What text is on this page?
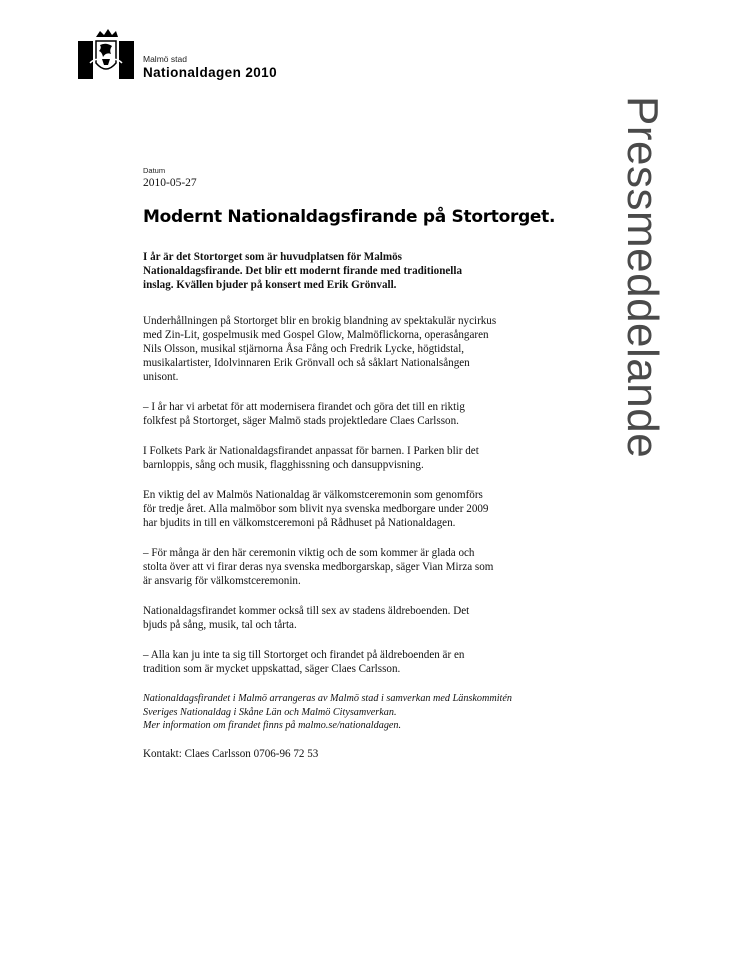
Malmö stad
Nationaldagen 2010
Pressmeddelande
Datum
2010-05-27
Modernt Nationaldagsfirande på Stortorget.

I år är det Stortorget som är huvudplatsen för Malmös
Nationaldagsfirande. Det blir ett modernt firande med traditionella
inslag. Kvällen bjuder på konsert med Erik Grönvall.

Underhållningen på Stortorget blir en brokig blandning av spektakulär nycirkus
med Zin-Lit, gospelmusik med Gospel Glow, Malmöflickorna, operasångaren
Nils Olsson, musikal stjärnorna Åsa Fång och Fredrik Lycke, högtidstal,
musikalartister, Idolvinnaren Erik Grönvall och så såklart Nationalsången
unisont.

– I år har vi arbetat för att modernisera firandet och göra det till en riktig
folkfest på Stortorget, säger Malmö stads projektledare Claes Carlsson.

I Folkets Park är Nationaldagsfirandet anpassat för barnen. I Parken blir det
barnloppis, sång och musik, flagghissning och dansuppvisning.

En viktig del av Malmös Nationaldag är välkomstceremonin som genomförs
för tredje året. Alla malmöbor som blivit nya svenska medborgare under 2009
har bjudits in till en välkomstceremoni på Rådhuset på Nationaldagen.

– För många är den här ceremonin viktig och de som kommer är glada och
stolta över att vi firar deras nya svenska medborgarskap, säger Vian Mirza som
är ansvarig för välkomstceremonin.

Nationaldagsfirandet kommer också till sex av stadens äldreboenden. Det
bjuds på sång, musik, tal och tårta.

– Alla kan ju inte ta sig till Stortorget och firandet på äldreboenden är en
tradition som är mycket uppskattad, säger Claes Carlsson.

Nationaldagsfirandet i Malmö arrangeras av Malmö stad i samverkan med Länskommitén
Sveriges Nationaldag i Skåne Län och Malmö Citysamverkan.
Mer information om firandet finns på malmo.se/nationaldagen.

Kontakt: Claes Carlsson 0706-96 72 53
